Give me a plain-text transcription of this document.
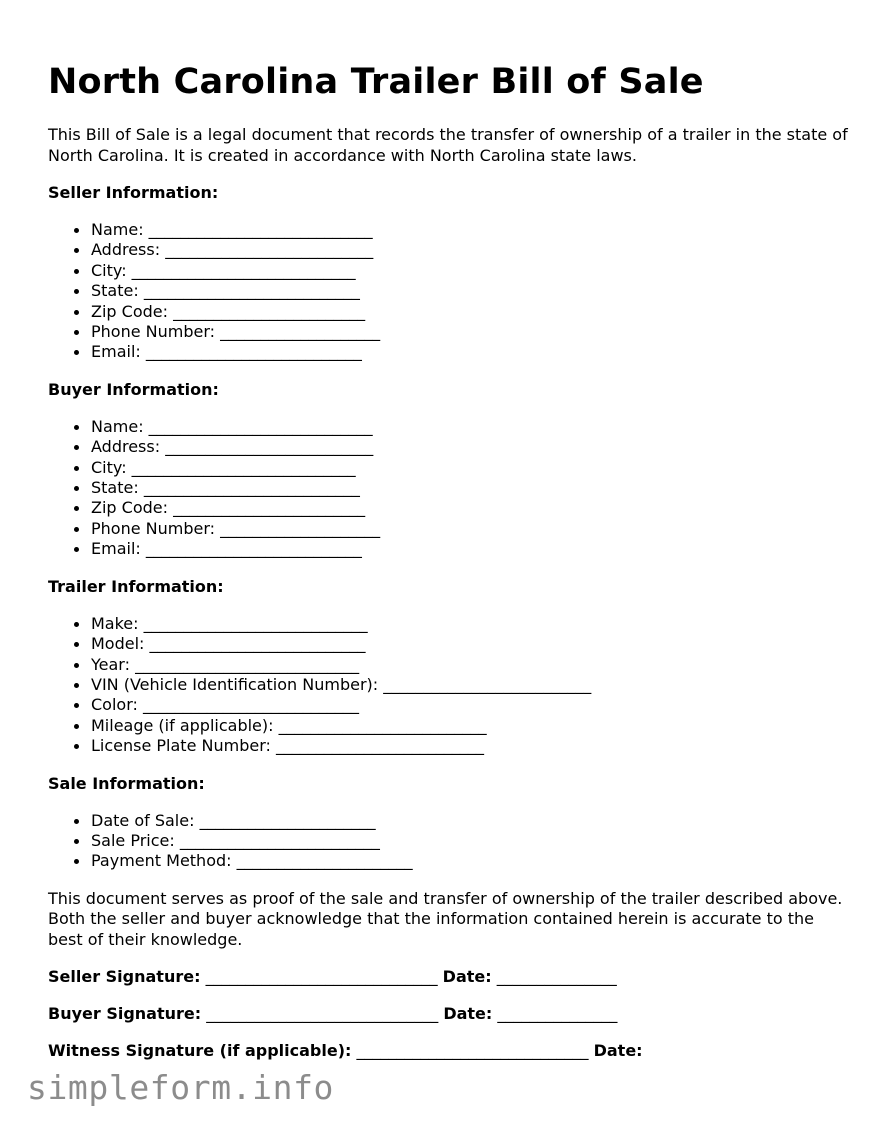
North Carolina Trailer Bill of Sale

This Bill of Sale is a legal document that records the transfer of ownership of a trailer in the state of North Carolina. It is created in accordance with North Carolina state laws.

Seller Information:
Name: ____________________________
Address: __________________________
City: ____________________________
State: ___________________________
Zip Code: ________________________
Phone Number: ____________________
Email: ___________________________
Buyer Information:
Name: ____________________________
Address: __________________________
City: ____________________________
State: ___________________________
Zip Code: ________________________
Phone Number: ____________________
Email: ___________________________
Trailer Information:
Make: ____________________________
Model: ___________________________
Year: ____________________________
VIN (Vehicle Identification Number): __________________________
Color: ___________________________
Mileage (if applicable): __________________________
License Plate Number: __________________________
Sale Information:
Date of Sale: ______________________
Sale Price: _________________________
Payment Method: ______________________

This document serves as proof of the sale and transfer of ownership of the trailer described above. Both the seller and buyer acknowledge that the information contained herein is accurate to the best of their knowledge.

Seller Signature: _____________________________ Date: _______________

Buyer Signature: _____________________________ Date: _______________

Witness Signature (if applicable): _____________________________ Date:

simpleform.info
